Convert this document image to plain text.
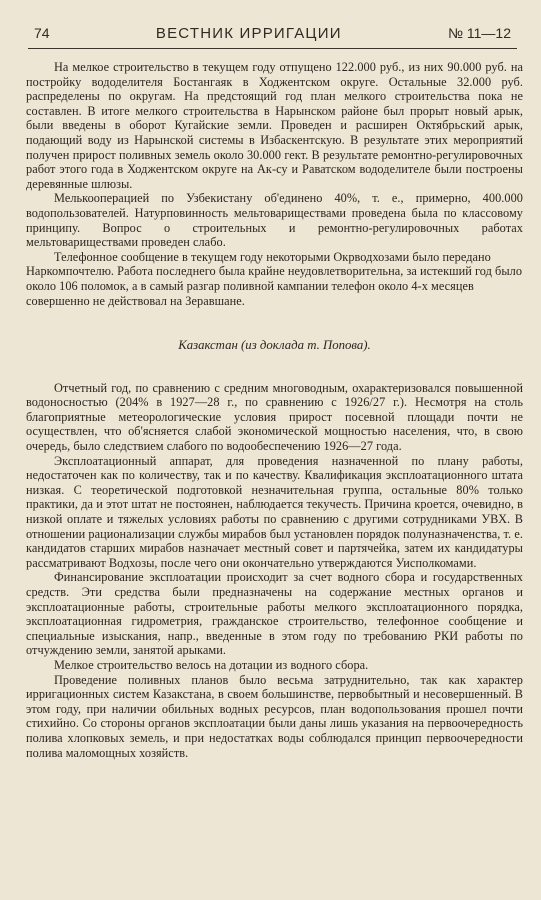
74	ВЕСТНИК ИРРИГАЦИИ	№ 11—12

На мелкое строительство в текущем году отпущено 122.000 руб., из них 90.000 руб. на постройку вододелителя Бостангаяк в Ходжентском округе. Остальные 32.000 руб. распределены по округам. На предстоящий год план мелкого строительства пока не составлен. В итоге мелкого строительства в Нарынском районе был прорыт новый арык, были введены в оборот Кугайские земли. Проведен и расширен Октябрьский арык, подающий воду из Нарынской системы в Избаскентскую. В результате этих мероприятий получен прирост поливных земель около 30.000 гект. В результате ремонтно-регулировочных работ этого года в Ходжентском округе на Ак-су и Раватском вододелителе были построены деревянные шлюзы.

Мелькооперацией по Узбекистану об'единено 40%, т. е., примерно, 400.000 водопользователей. Натурповинность мельтовариществами проведена была по классовому принципу. Вопрос о строительных и ремонтно-регулировочных работах мельтовариществами проведен слабо.

Телефонное сообщение в текущем году некоторыми Окрводхозами было передано Наркомпочтелю. Работа последнего была крайне неудовлетворительна, за истекший год было около 106 поломок, а в самый разгар поливной кампании телефон около 4-х месяцев совершенно не действовал на Зеравшане.

Казакстан (из доклада т. Попова).

Отчетный год, по сравнению с средним многоводным, охарактеризовался повышенной водоносностью (204% в 1927—28 г., по сравнению с 1926/27 г.). Несмотря на столь благоприятные метеорологические условия прирост посевной площади почти не осуществлен, что об'ясняется слабой экономической мощностью населения, что, в свою очередь, было следствием слабого по водообеспечению 1926—27 года.

Эксплоатационный аппарат, для проведения назначенной по плану работы, недостаточен как по количеству, так и по качеству. Квалификация эксплоатационного штата низкая. С теоретической подготовкой незначительная группа, остальные 80% только практики, да и этот штат не постоянен, наблюдается текучесть. Причина кроется, очевидно, в низкой оплате и тяжелых условиях работы по сравнению с другими сотрудниками УВХ. В отношении рационализации службы мирабов был установлен порядок полуназначенства, т. е. кандидатов старших мирабов назначает местный совет и партячейка, затем их кандидатуры рассматривают Водхозы, после чего они окончательно утверждаются Уисполкомами.

Финансирование эксплоатации происходит за счет водного сбора и государственных средств. Эти средства были предназначены на содержание местных органов и эксплоатационные работы, строительные работы мелкого эксплоатационного порядка, эксплоатационная гидрометрия, гражданское строительство, телефонное сообщение и специальные изыскания, напр., введенные в этом году по требованию РКИ работы по отчуждению земли, занятой арыками.

Мелкое строительство велось на дотации из водного сбора.

Проведение поливных планов было весьма затруднительно, так как характер ирригационных систем Казакстана, в своем большинстве, первобытный и несовершенный. В этом году, при наличии обильных водных ресурсов, план водопользования прошел почти стихийно. Со стороны органов эксплоатации были даны лишь указания на первоочередность полива хлопковых земель, и при недостатках воды соблюдался принцип первоочередности полива маломощных хозяйств.
